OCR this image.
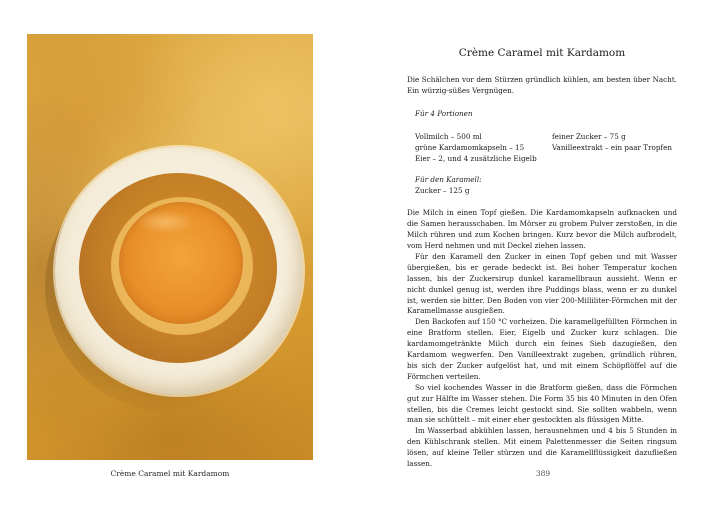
Crème Caramel mit Kardamom	389
Crème Caramel mit Kardamom

Die Schälchen vor dem Stürzen gründlich kühlen, am besten über Nacht. Ein würzig-süßes Vergnügen.

Für 4 Portionen
Vollmilch – 500 ml
grüne Kardamomkapseln – 15
Eier – 2, und 4 zusätzliche Eigelb
feiner Zucker – 75 g
Vanilleextrakt – ein paar Tropfen
Für den Karamell:
Zucker – 125 g

Die Milch in einen Topf gießen. Die Kardamomkapseln aufknacken und die Samen herausschaben. Im Mörser zu grobem Pulver zerstoßen, in die Milch rühren und zum Kochen bringen. Kurz bevor die Milch aufbrodelt, vom Herd nehmen und mit Deckel ziehen lassen.

Für den Karamell den Zucker in einen Topf geben und mit Wasser übergießen, bis er gerade bedeckt ist. Bei hoher Temperatur kochen lassen, bis der Zuckersirup dunkel karamellbraun aussieht. Wenn er nicht dunkel genug ist, werden ihre Puddings blass, wenn er zu dunkel ist, werden sie bitter. Den Boden von vier 200-Milliliter-Förmchen mit der Karamellmasse ausgießen.

Den Backofen auf 150 °C vorheizen. Die karamellgefüllten Förmchen in eine Bratform stellen. Eier, Eigelb und Zucker kurz schlagen. Die kardamomgetränkte Milch durch ein feines Sieb dazugießen, den Kardamom wegwerfen. Den Vanilleextrakt zugeben, gründlich rühren, bis sich der Zucker aufgelöst hat, und mit einem Schöpflöffel auf die Förmchen verteilen.

So viel kochendes Wasser in die Bratform gießen, dass die Förmchen gut zur Hälfte im Wasser stehen. Die Form 35 bis 40 Minuten in den Ofen stellen, bis die Cremes leicht gestockt sind. Sie sollten wabbeln, wenn man sie schüttelt – mit einer eher gestockten als flüssigen Mitte.

Im Wasserbad abkühlen lassen, herausnehmen und 4 bis 5 Stunden in den Kühlschrank stellen. Mit einem Palettenmesser die Seiten ringsum lösen, auf kleine Teller stürzen und die Karamellflüssigkeit dazufließen lassen.
